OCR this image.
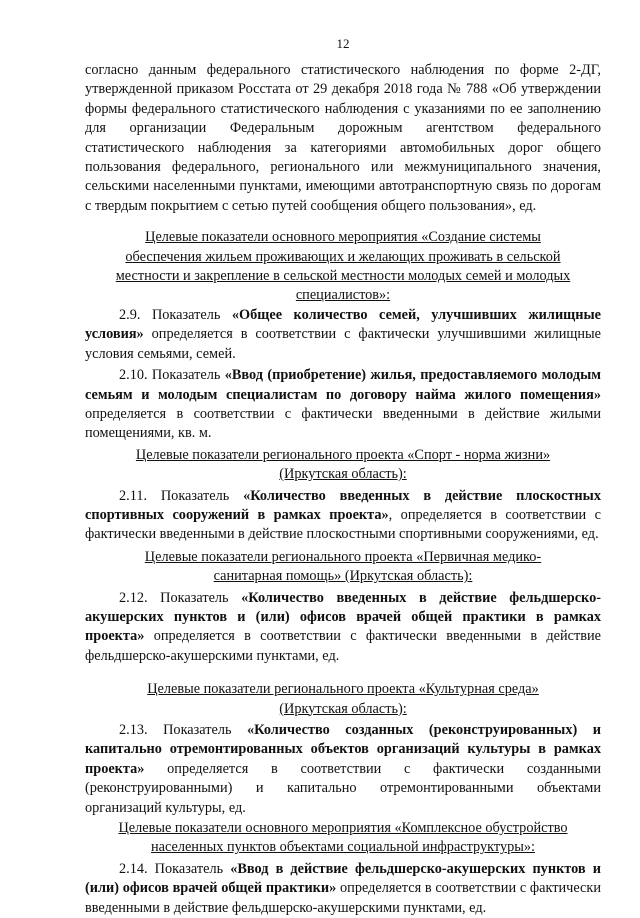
12

согласно данным федерального статистического наблюдения по форме 2-ДГ, утвержденной приказом Росстата от 29 декабря 2018 года № 788 «Об утверждении формы федерального статистического наблюдения с указаниями по ее заполнению для организации Федеральным дорожным агентством федерального статистического наблюдения за категориями автомобильных дорог общего пользования федерального, регионального или межмуниципального значения, сельскими населенными пунктами, имеющими автотранспортную связь по дорогам с твердым покрытием с сетью путей сообщения общего пользования», ед.

Целевые показатели основного мероприятия «Создание системы
обеспечения жильем проживающих и желающих проживать в сельской
местности и закрепление в сельской местности молодых семей и молодых
специалистов»:

2.9. Показатель «Общее количество семей, улучшивших жилищные условия» определяется в соответствии с фактически улучшившими жилищные условия семьями, семей.

2.10. Показатель «Ввод (приобретение) жилья, предоставляемого молодым семьям и молодым специалистам по договору найма жилого помещения» определяется в соответствии с фактически введенными в действие жилыми помещениями, кв. м.

Целевые показатели регионального проекта «Спорт - норма жизни»
(Иркутская область):

2.11. Показатель «Количество введенных в действие плоскостных спортивных сооружений в рамках проекта», определяется в соответствии с фактически введенными в действие плоскостными спортивными сооружениями, ед.

Целевые показатели регионального проекта «Первичная медико-
санитарная помощь» (Иркутская область):

2.12. Показатель «Количество введенных в действие фельдшерско-акушерских пунктов и (или) офисов врачей общей практики в рамках проекта» определяется в соответствии с фактически введенными в действие фельдшерско-акушерскими пунктами, ед.

Целевые показатели регионального проекта «Культурная среда»
(Иркутская область):

2.13. Показатель «Количество созданных (реконструированных) и капитально отремонтированных объектов организаций культуры в рамках проекта» определяется в соответствии с фактически созданными (реконструированными) и капитально отремонтированными объектами организаций культуры, ед.

Целевые показатели основного мероприятия «Комплексное обустройство
населенных пунктов объектами социальной инфраструктуры»:

2.14. Показатель «Ввод в действие фельдшерско-акушерских пунктов и (или) офисов врачей общей практики» определяется в соответствии с фактически введенными в действие фельдшерско-акушерскими пунктами, ед.
